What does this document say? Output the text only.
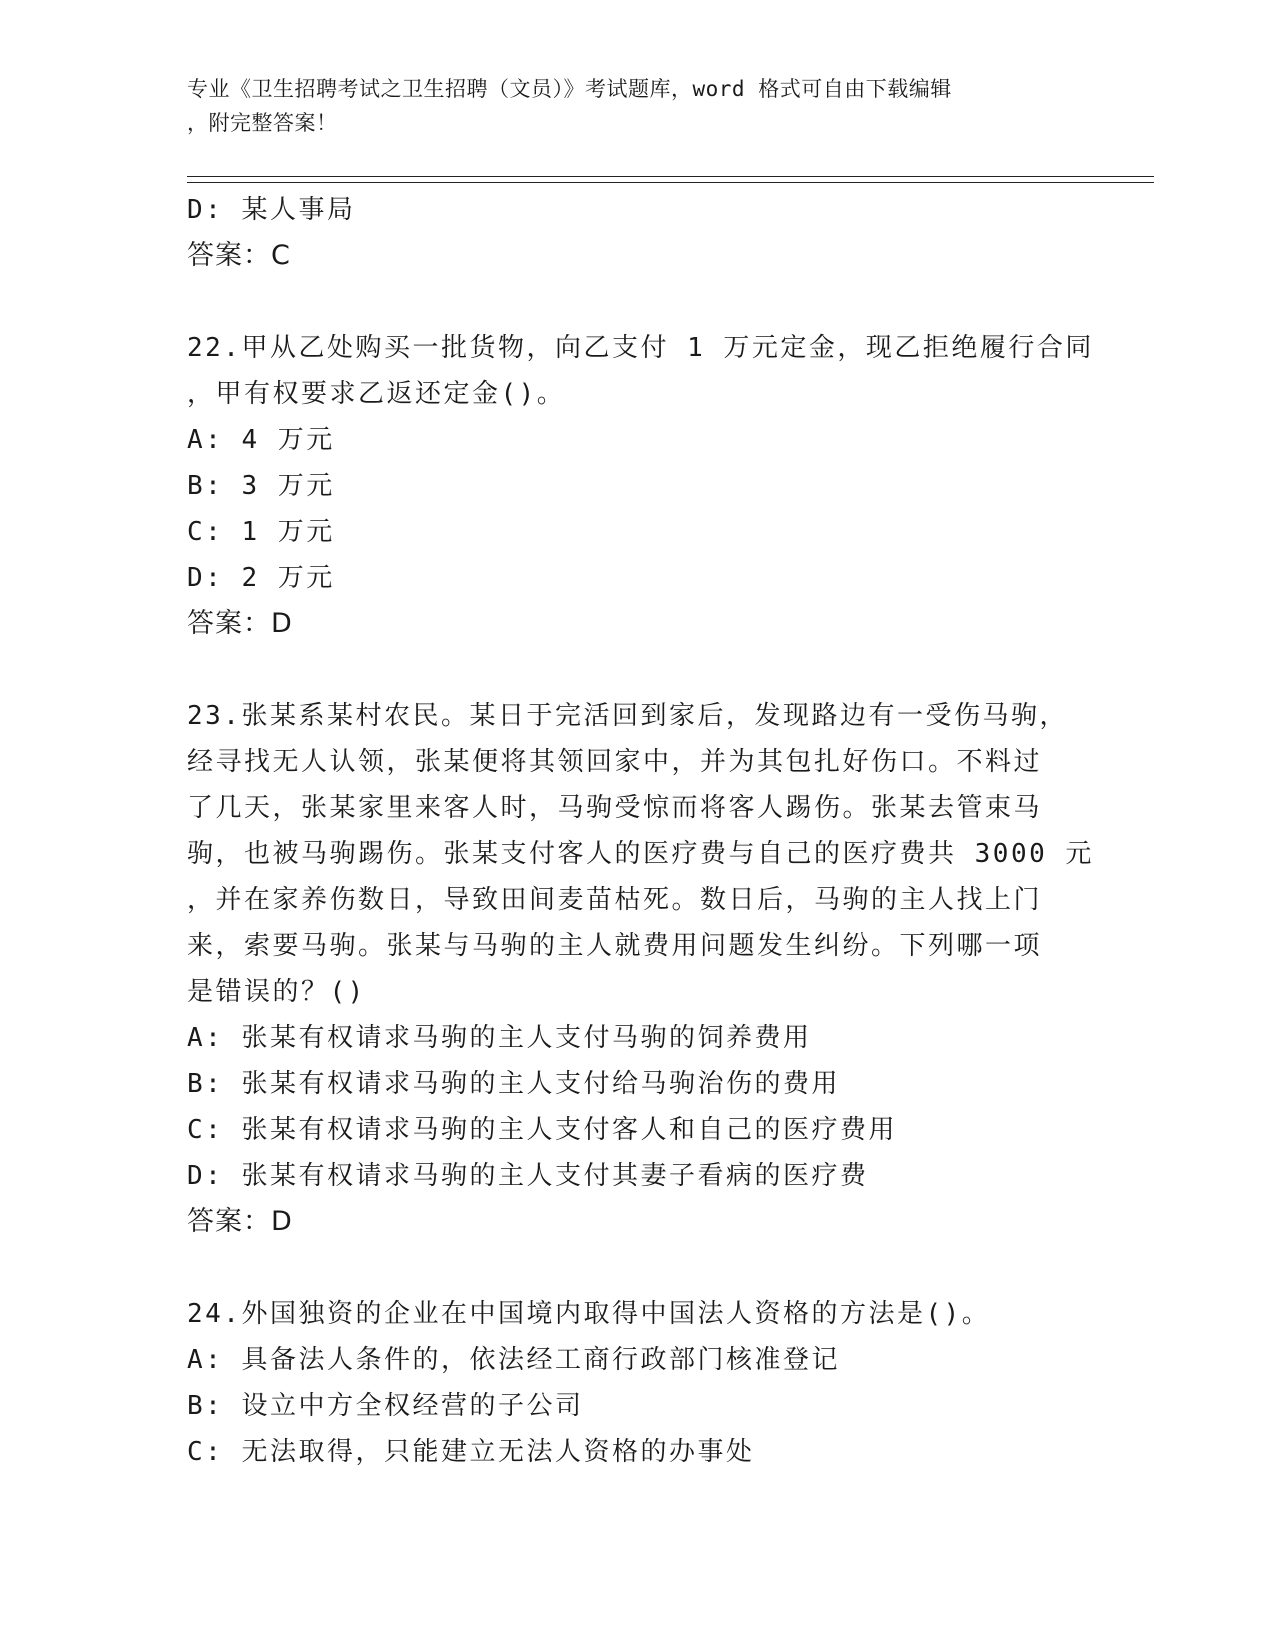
专业《卫生招聘考试之卫生招聘（文员）》考试题库，word 格式可自由下载编辑
，附完整答案！
D: 某人事局
答案：C
22.甲从乙处购买一批货物，向乙支付 1 万元定金，现乙拒绝履行合同
，甲有权要求乙返还定金()。
A: 4 万元
B: 3 万元
C: 1 万元
D: 2 万元
答案：D
23.张某系某村农民。某日于完活回到家后，发现路边有一受伤马驹，
经寻找无人认领，张某便将其领回家中，并为其包扎好伤口。不料过
了几天，张某家里来客人时，马驹受惊而将客人踢伤。张某去管束马
驹，也被马驹踢伤。张某支付客人的医疗费与自己的医疗费共 3000 元
，并在家养伤数日，导致田间麦苗枯死。数日后，马驹的主人找上门
来，索要马驹。张某与马驹的主人就费用问题发生纠纷。下列哪一项
是错误的？()
A: 张某有权请求马驹的主人支付马驹的饲养费用
B: 张某有权请求马驹的主人支付给马驹治伤的费用
C: 张某有权请求马驹的主人支付客人和自己的医疗费用
D: 张某有权请求马驹的主人支付其妻子看病的医疗费
答案：D
24.外国独资的企业在中国境内取得中国法人资格的方法是()。
A: 具备法人条件的，依法经工商行政部门核准登记
B: 设立中方全权经营的子公司
C: 无法取得，只能建立无法人资格的办事处
